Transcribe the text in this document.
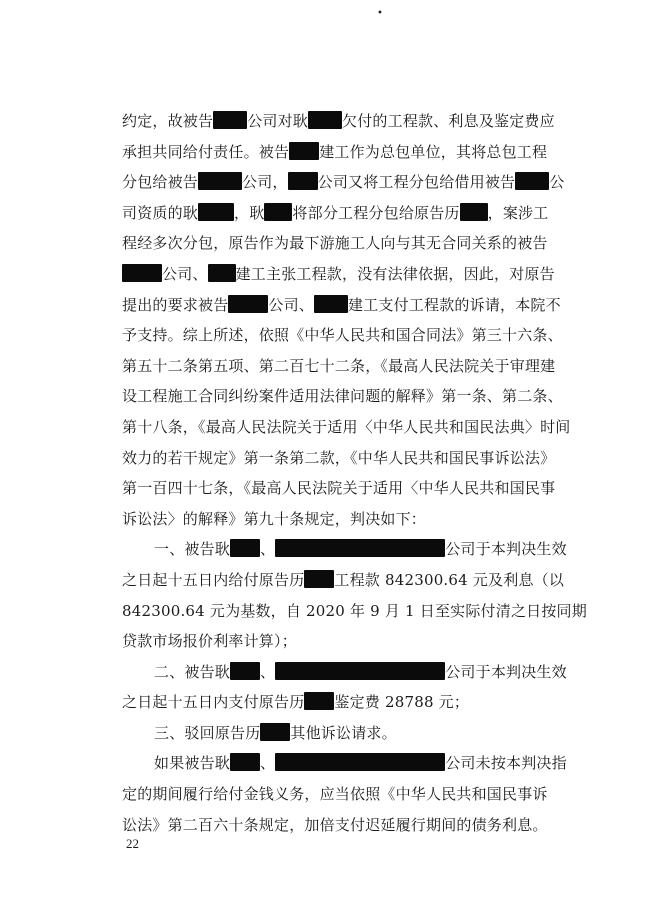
•
约定，故被告 公司对耿 欠付的工程款、利息及鉴定费应
承担共同给付责任。被告 建工作为总包单位，其将总包工程
分包给被告	公司， 公司又将工程分包给借用被告 公
司资质的耿 ，耿 将部分工程分包给原告历 ，案涉工
程经多次分包，原告作为最下游施工人向与其无合同关系的被告
公司、 建工主张工程款，没有法律依据，因此，对原告
提出的要求被告	公司、 建工支付工程款的诉请，本院不
予支持。综上所述，依照《中华人民共和国合同法》第三十六条、
第五十二条第五项、第二百七十二条，《最高人民法院关于审理建
设工程施工合同纠纷案件适用法律问题的解释》第一条、第二条、
第十八条，《最高人民法院关于适用〈中华人民共和国民法典〉时间
效力的若干规定》第一条第二款，《中华人民共和国民事诉讼法》
第一百四十七条，《最高人民法院关于适用〈中华人民共和国民事
诉讼法〉的解释》第九十条规定，判决如下：
一、被告耿 、	公司于本判决生效
之日起十五日内给付原告历 工程款 842300.64 元及利息（以
842300.64 元为基数，自 2020 年 9 月 1 日至实际付清之日按同期
贷款市场报价利率计算）；
二、被告耿 、	公司于本判决生效
之日起十五日内支付原告历 鉴定费 28788 元；
三、驳回原告历 其他诉讼请求。
如果被告耿 、	公司未按本判决指
定的期间履行给付金钱义务，应当依照《中华人民共和国民事诉
讼法》第二百六十条规定，加倍支付迟延履行期间的债务利息。
22
